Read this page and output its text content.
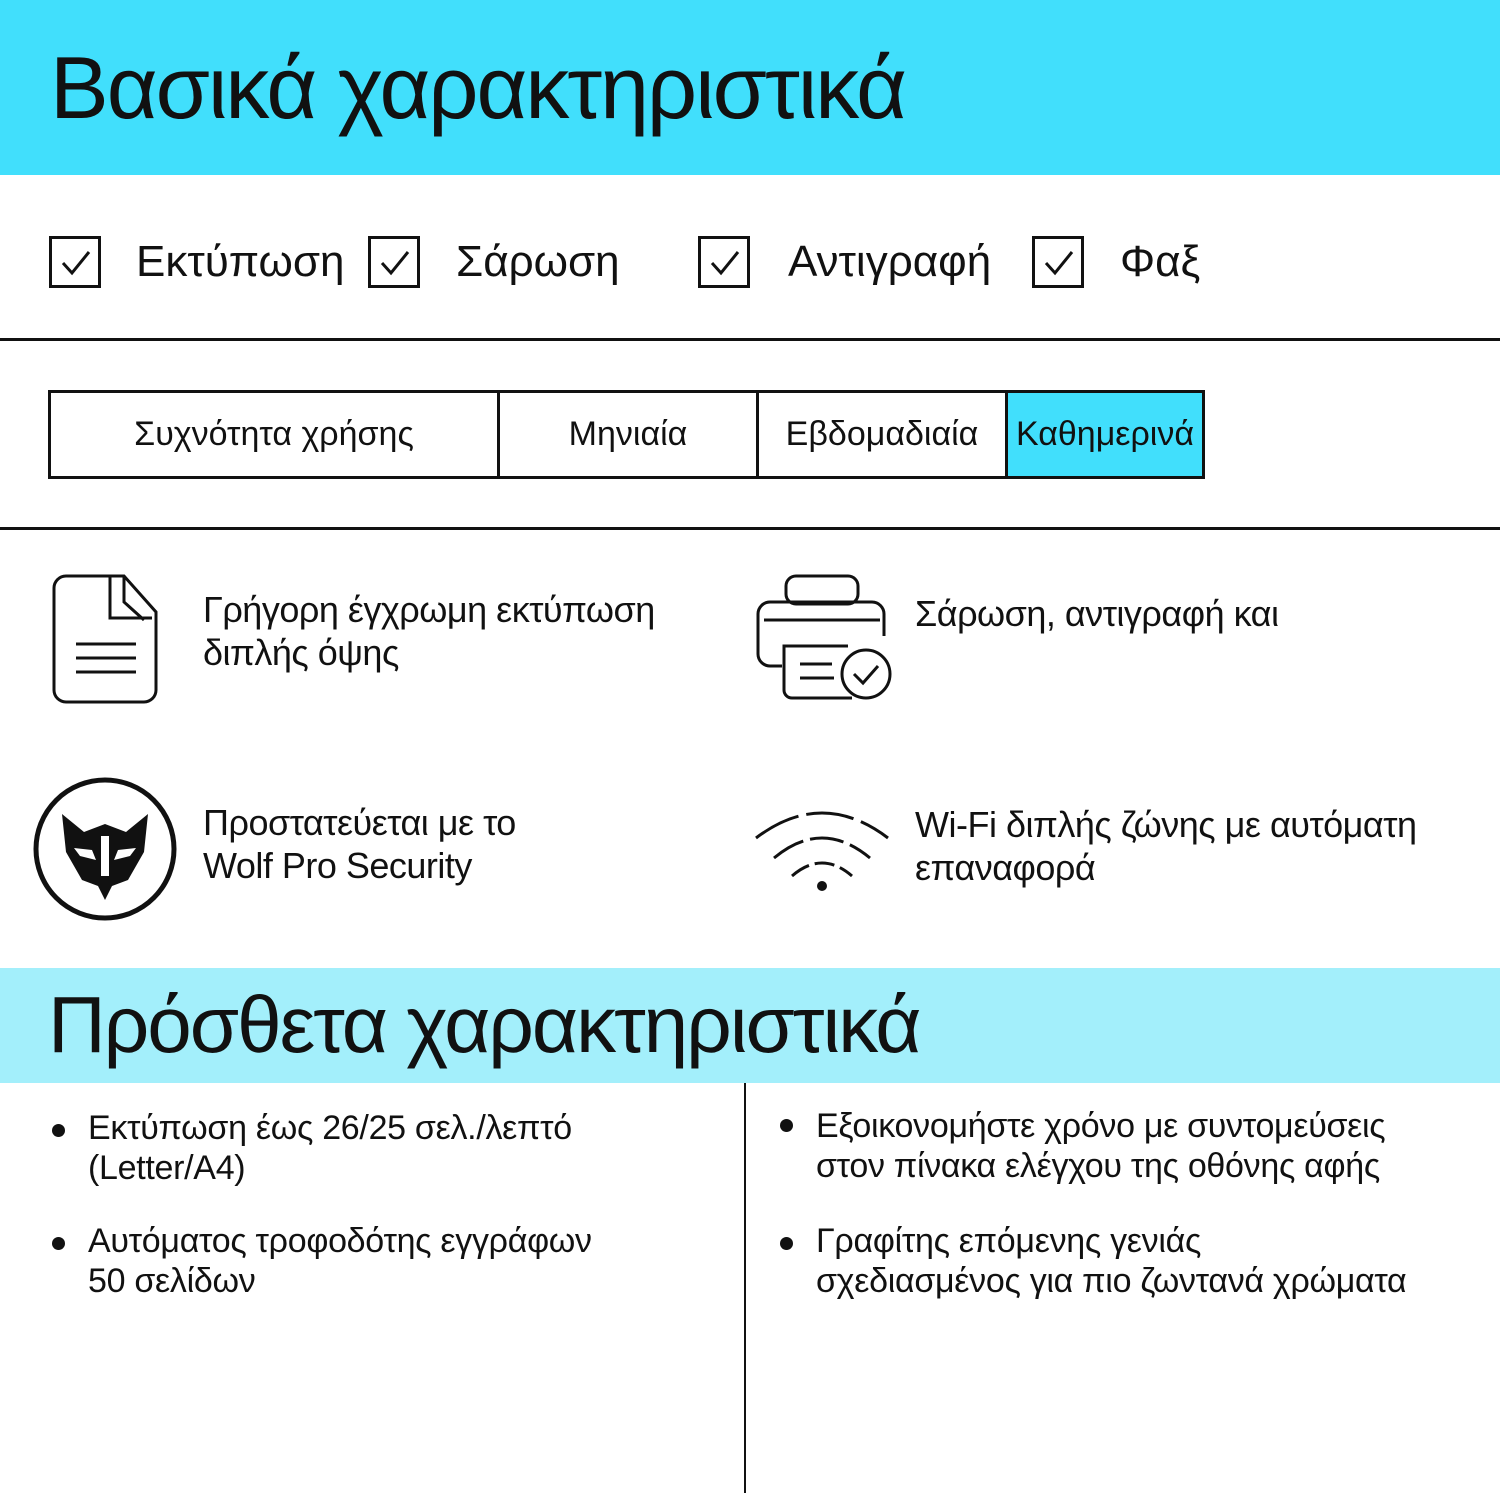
Βασικά χαρακτηριστικά
Εκτύπωση	Σάρωση	Αντιγραφή	Φαξ
Συχνότητα χρήσης	Μηνιαία	Εβδομαδιαία	Καθημερινά
Γρήγορη έγχρωμη εκτύπωση
διπλής όψης
Σάρωση, αντιγραφή και
Προστατεύεται με το
Wolf Pro Security
Wi-Fi διπλής ζώνης με αυτόματη
επαναφορά
Πρόσθετα χαρακτηριστικά
Εκτύπωση έως 26/25 σελ./λεπτό
(Letter/A4)
Αυτόματος τροφοδότης εγγράφων
50 σελίδων
Εξοικονομήστε χρόνο με συντομεύσεις
στον πίνακα ελέγχου της οθόνης αφής
Γραφίτης επόμενης γενιάς
σχεδιασμένος για πιο ζωντανά χρώματα
